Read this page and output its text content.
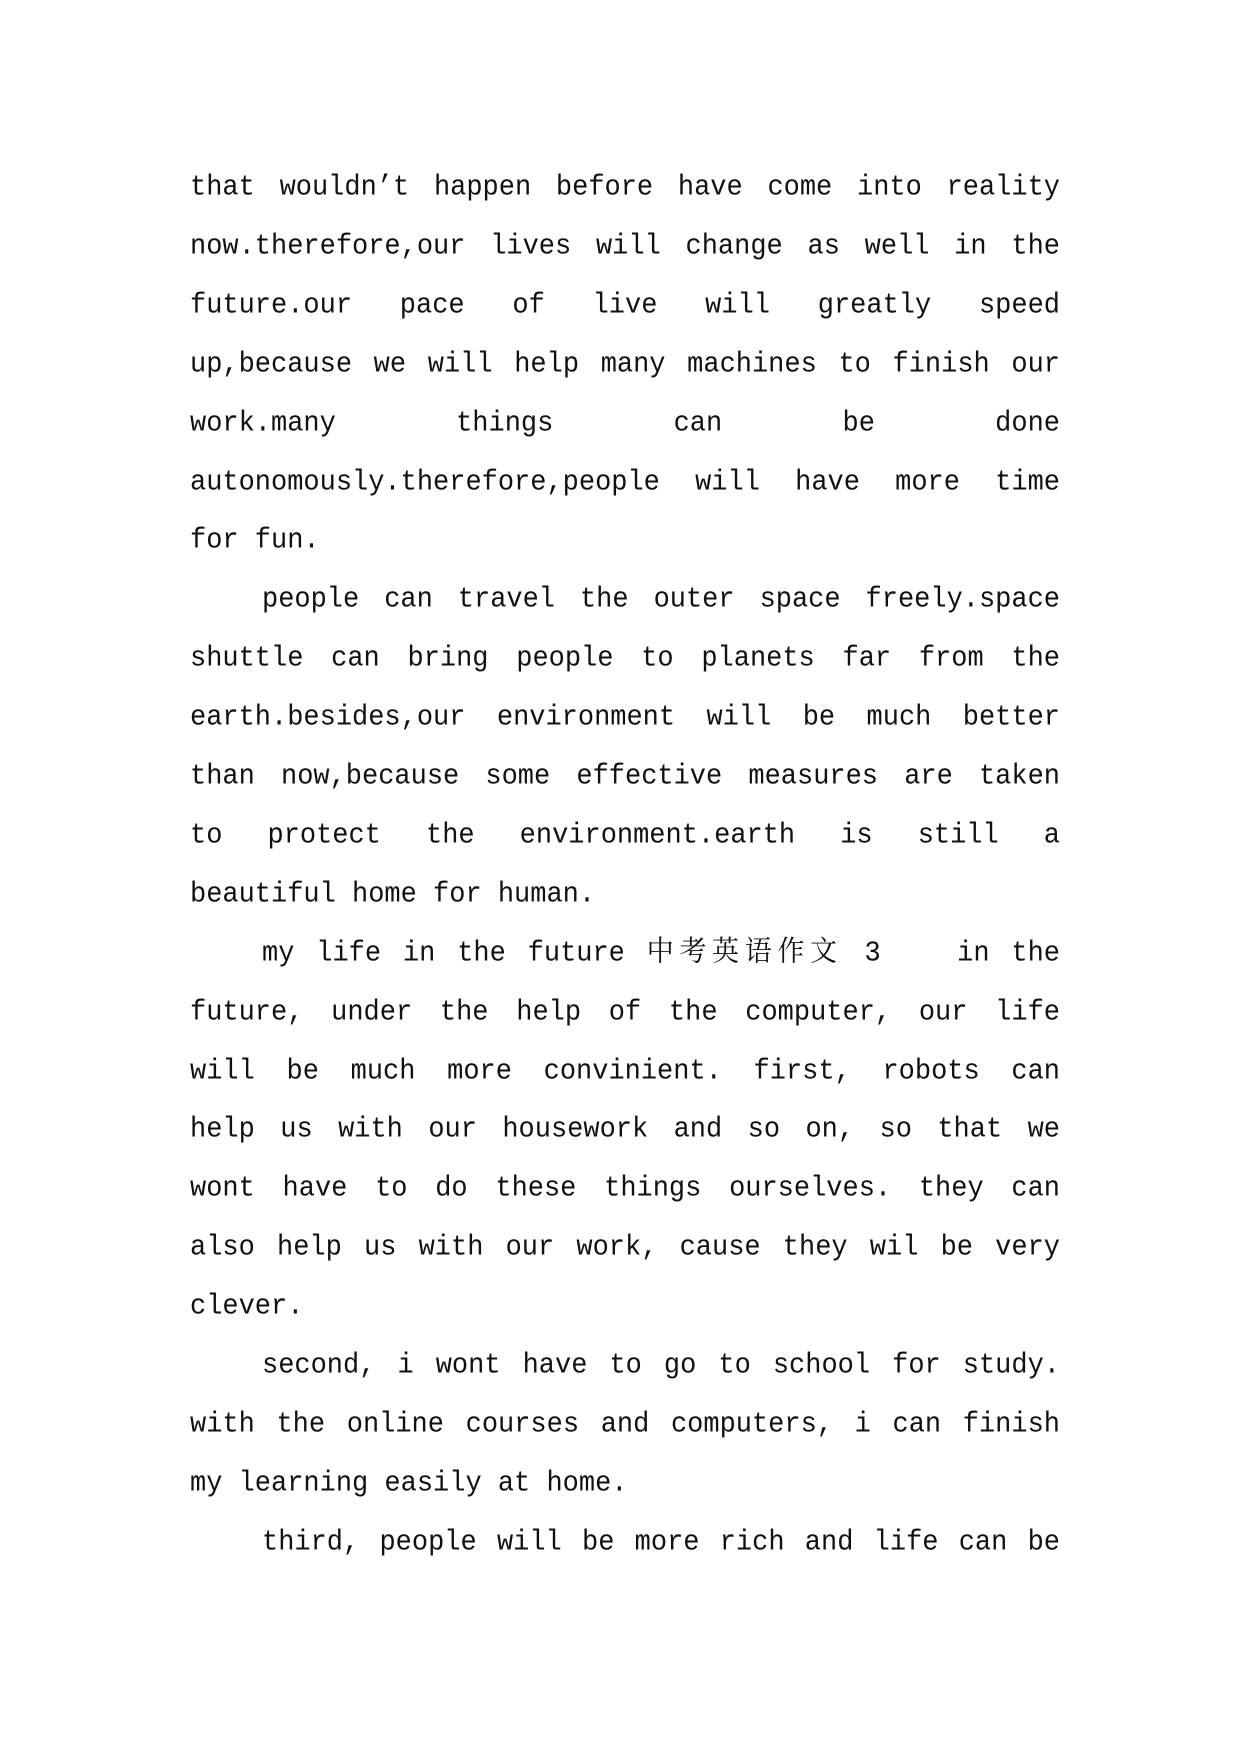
that wouldn’t happen before have come into reality
now.therefore,our lives will change as well in the
future.our pace of live will greatly speed
up,because we will help many machines to finish our
work.many things can be done
autonomously.therefore,people will have more time
for fun.
people can travel the outer space freely.space
shuttle can bring people to planets far from the
earth.besides,our environment will be much better
than now,because some effective measures are taken
to protect the environment.earth is still a
beautiful home for human.
my life in the future 中考英语作文 3 　 in the
future, under the help of the computer, our life
will be much more convinient. first, robots can
help us with our housework and so on, so that we
wont have to do these things ourselves. they can
also help us with our work, cause they wil be very
clever.
second, i wont have to go to school for study.
with the online courses and computers, i can finish
my learning easily at home.
third, people will be more rich and life can be
